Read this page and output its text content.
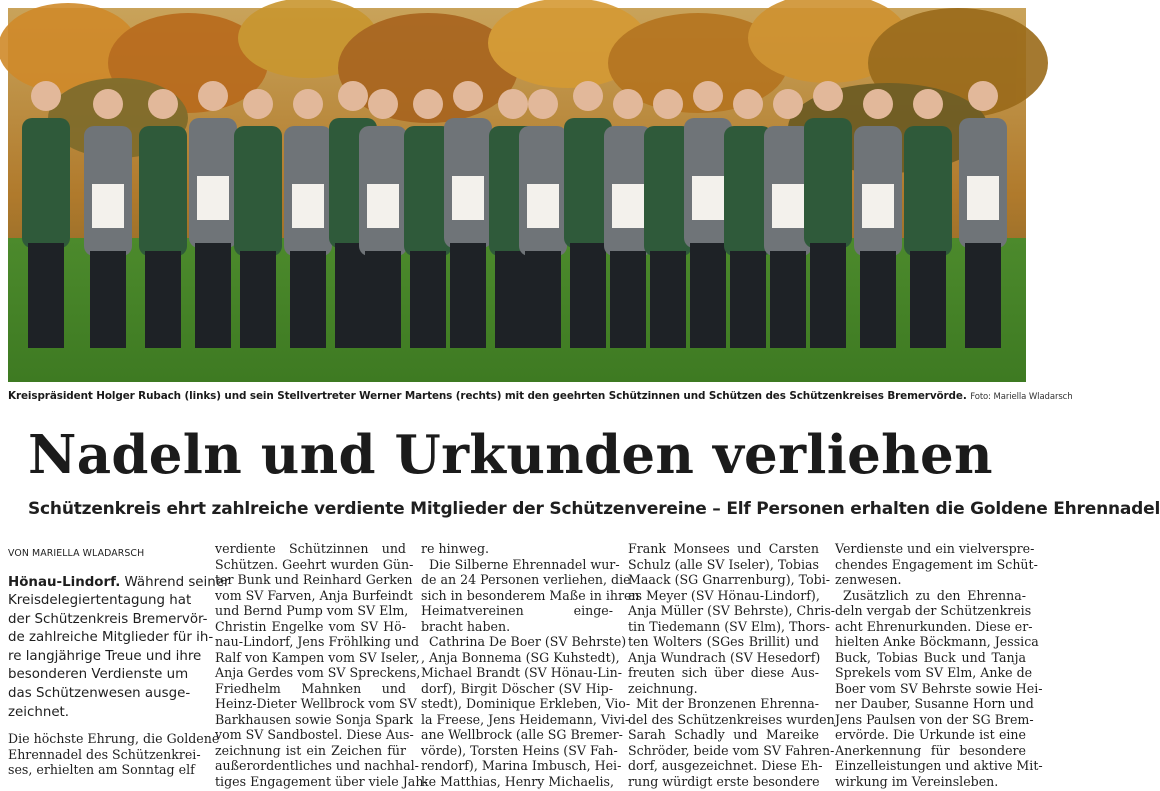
Kreispräsident Holger Rubach (links) und sein Stellvertreter Werner Martens (rechts) mit den geehrten Schützinnen und Schützen des Schützenkreises Bremervörde. Foto: Mariella Wladarsch
Nadeln und Urkunden verliehen
Schützenkreis ehrt zahlreiche verdiente Mitglieder der Schützenvereine – Elf Personen erhalten die Goldene Ehrennadel
VON MARIELLA WLADARSCH

Hönau-Lindorf. Während seiner

Kreisdelegiertentagung hat

der Schützenkreis Bremervör-

de zahlreiche Mitglieder für ih-

re langjährige Treue und ihre

besonderen Verdienste um

das Schützenwesen ausge-

zeichnet.

Die höchste Ehrung, die Goldene

Ehrennadel des Schützenkrei-

ses, erhielten am Sonntag elf

verdiente Schützinnen und

Schützen. Geehrt wurden Gün-

ter Bunk und Reinhard Gerken

vom SV Farven, Anja Burfeindt

und Bernd Pump vom SV Elm,

Christin Engelke vom SV Hö-

nau-Lindorf, Jens Fröhlking und

Ralf von Kampen vom SV Iseler,

Anja Gerdes vom SV Spreckens,

Friedhelm Mahnken und

Heinz-Dieter Wellbrock vom SV

Barkhausen sowie Sonja Spark

vom SV Sandbostel. Diese Aus-

zeichnung ist ein Zeichen für

außerordentliches und nachhal-

tiges Engagement über viele Jah-

re hinweg.

Die Silberne Ehrennadel wur-

de an 24 Personen verliehen, die

sich in besonderem Maße in ihren

Heimatvereinen einge-

bracht haben.

Cathrina De Boer (SV Behrste)

, Anja Bonnema (SG Kuhstedt),

Michael Brandt (SV Hönau-Lin-

dorf), Birgit Döscher (SV Hip-

stedt), Dominique Erkleben, Vio-

la Freese, Jens Heidemann, Vivi-

ane Wellbrock (alle SG Bremer-

vörde), Torsten Heins (SV Fah-

rendorf), Marina Imbusch, Hei-

ke Matthias, Henry Michaelis,

Frank Monsees und Carsten

Schulz (alle SV Iseler), Tobias

Maack (SG Gnarrenburg), Tobi-

as Meyer (SV Hönau-Lindorf),

Anja Müller (SV Behrste), Chris-

tin Tiedemann (SV Elm), Thors-

ten Wolters (SGes Brillit) und

Anja Wundrach (SV Hesedorf)

freuten sich über diese Aus-

zeichnung.

Mit der Bronzenen Ehrenna-

del des Schützenkreises wurden

Sarah Schadly und Mareike

Schröder, beide vom SV Fahren-

dorf, ausgezeichnet. Diese Eh-

rung würdigt erste besondere

Verdienste und ein vielverspre-

chendes Engagement im Schüt-

zenwesen.

Zusätzlich zu den Ehrenna-

deln vergab der Schützenkreis

acht Ehrenurkunden. Diese er-

hielten Anke Böckmann, Jessica

Buck, Tobias Buck und Tanja

Sprekels vom SV Elm, Anke de

Boer vom SV Behrste sowie Hei-

ner Dauber, Susanne Horn und

Jens Paulsen von der SG Brem-

ervörde. Die Urkunde ist eine

Anerkennung für besondere

Einzelleistungen und aktive Mit-

wirkung im Vereinsleben.
